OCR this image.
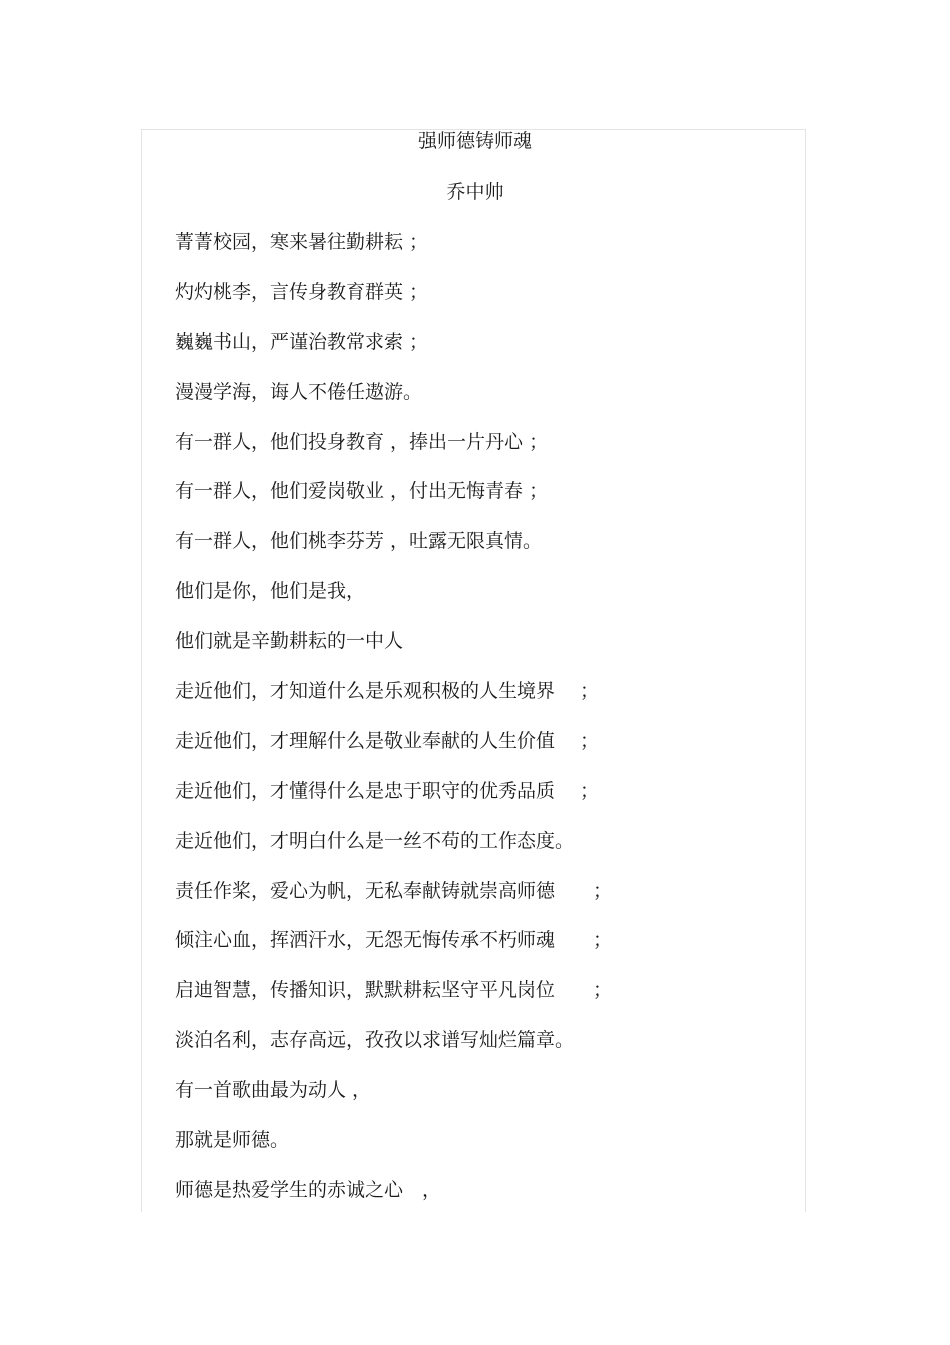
强师德铸师魂
乔中帅
菁菁校园，寒来暑往勤耕耘 ；
灼灼桃李，言传身教育群英 ；
巍巍书山，严谨治教常求索 ；
漫漫学海，诲人不倦任遨游。
有一群人，他们投身教育 ，捧出一片丹心 ；
有一群人，他们爱岗敬业 ，付出无悔青春 ；
有一群人，他们桃李芬芳 ，吐露无限真情。
他们是你，他们是我，
他们就是辛勤耕耘的一中人
走近他们，才知道什么是乐观积极的人生境界　 ；
走近他们，才理解什么是敬业奉献的人生价值　 ；
走近他们，才懂得什么是忠于职守的优秀品质　 ；
走近他们，才明白什么是一丝不苟的工作态度。
责任作桨，爱心为帆，无私奉献铸就崇高师德　　；
倾注心血，挥洒汗水，无怨无悔传承不朽师魂　　；
启迪智慧，传播知识，默默耕耘坚守平凡岗位　　；
淡泊名利，志存高远，孜孜以求谱写灿烂篇章。
有一首歌曲最为动人 ，
那就是师德。
师德是热爱学生的赤诚之心　，
